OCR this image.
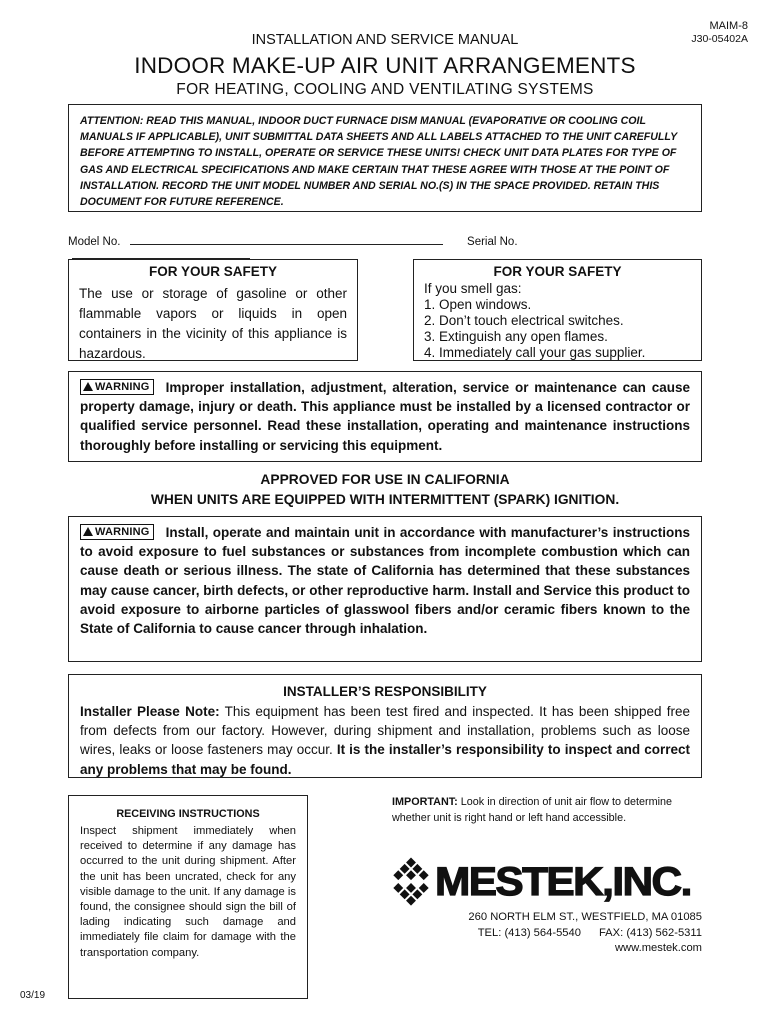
MAIM-8
J30-05402A
INSTALLATION AND SERVICE MANUAL
INDOOR MAKE-UP AIR UNIT ARRANGEMENTS
FOR HEATING, COOLING AND VENTILATING SYSTEMS

ATTENTION: READ THIS MANUAL, INDOOR DUCT FURNACE DISM MANUAL (EVAPORATIVE OR COOLING COIL MANUALS IF APPLICABLE), UNIT SUBMITTAL DATA SHEETS AND ALL LABELS ATTACHED TO THE UNIT CAREFULLY BEFORE ATTEMPTING TO INSTALL, OPERATE OR SERVICE THESE UNITS! CHECK UNIT DATA PLATES FOR TYPE OF GAS AND ELECTRICAL SPECIFICATIONS AND MAKE CERTAIN THAT THESE AGREE WITH THOSE AT THE POINT OF INSTALLATION. RECORD THE UNIT MODEL NUMBER AND SERIAL NO.(S) IN THE SPACE PROVIDED. RETAIN THIS DOCUMENT FOR FUTURE REFERENCE.

Model No.	Serial No.
FOR YOUR SAFETY
The use or storage of gasoline or other flammable vapors or liquids in open containers in the vicinity of this appliance is hazardous.
FOR YOUR SAFETY
If you smell gas:
1. Open windows.
2. Don’t touch electrical switches.
3. Extinguish any open flames.
4. Immediately call your gas supplier.

WARNING Improper installation, adjustment, alteration, service or maintenance can cause property damage, injury or death. This appliance must be installed by a licensed contractor or qualified service personnel. Read these installation, operating and maintenance instructions thoroughly before installing or servicing this equipment.

APPROVED FOR USE IN CALIFORNIA
WHEN UNITS ARE EQUIPPED WITH INTERMITTENT (SPARK) IGNITION.

WARNING Install, operate and maintain unit in accordance with manufacturer’s instructions to avoid exposure to fuel substances or substances from incomplete combustion which can cause death or serious illness. The state of California has determined that these substances may cause cancer, birth defects, or other reproductive harm. Install and Service this product to avoid exposure to airborne particles of glasswool fibers and/or ceramic fibers known to the State of California to cause cancer through inhalation.

INSTALLER’S RESPONSIBILITY

Installer Please Note: This equipment has been test fired and inspected. It has been shipped free from defects from our factory. However, during shipment and installation, problems such as loose wires, leaks or loose fasteners may occur. It is the installer’s responsibility to inspect and correct any problems that may be found.

RECEIVING INSTRUCTIONS
Inspect shipment immediately when received to determine if any damage has occurred to the unit during shipment. After the unit has been uncrated, check for any visible damage to the unit. If any damage is found, the consignee should sign the bill of lading indicating such damage and immediately file claim for damage with the transportation company.
IMPORTANT: Look in direction of unit air flow to determine whether unit is right hand or left hand accessible.
MESTEK,INC.
260 NORTH ELM ST., WESTFIELD, MA 01085
TEL: (413) 564-5540 FAX: (413) 562-5311
www.mestek.com
03/19
